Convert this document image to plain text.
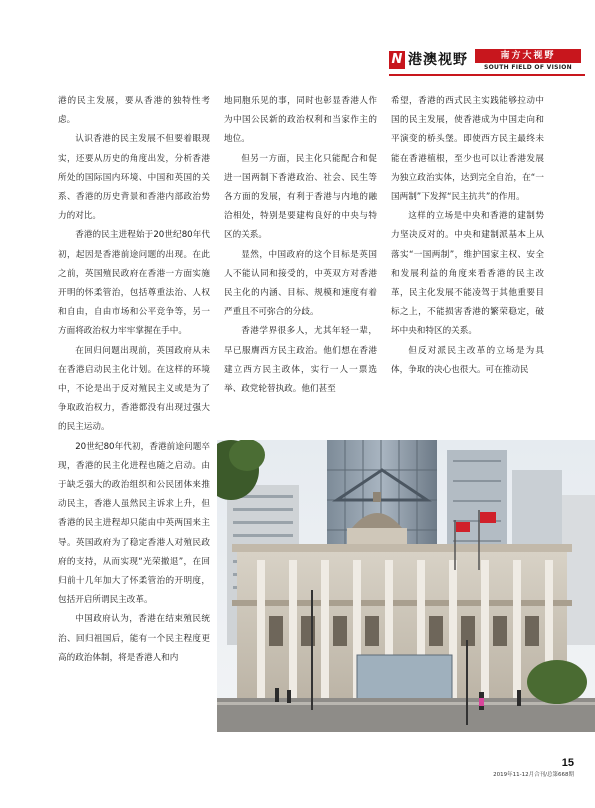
N 港澳视野	南方大视野
SOUTH FIELD OF VISION

港的民主发展，要从香港的独特性考虑。

认识香港的民主发展不但要着眼现实，还要从历史的角度出发，分析香港所处的国际国内环境、中国和英国的关系、香港的历史背景和香港内部政治势力的对比。

香港的民主进程始于20世纪80年代初，起因是香港前途问题的出现。在此之前，英国殖民政府在香港一方面实施开明的怀柔管治，包括尊重法治、人权和自由，自由市场和公平竞争等，另一方面将政治权力牢牢掌握在手中。

在回归问题出现前，英国政府从未在香港启动民主化计划。在这样的环境中，不论是出于反对殖民主义或是为了争取政治权力，香港都没有出现过强大的民主运动。

20世纪80年代初，香港前途问题卒现，香港的民主化进程也随之启动。由于缺乏强大的政治组织和公民团体来推动民主，香港人虽然民主诉求上升，但香港的民主进程却只能由中英两国来主导。英国政府为了稳定香港人对殖民政府的支持，从而实现“光荣撤退”，在回归前十几年加大了怀柔管治的开明度，包括开启所谓民主改革。

中国政府认为，香港在结束殖民统治、回归祖国后，能有一个民主程度更高的政治体制，将是香港人和内

地同胞乐见的事，同时也彰显香港人作为中国公民新的政治权利和当家作主的地位。

但另一方面，民主化只能配合和促进一国两制下香港政治、社会、民生等各方面的发展，有利于香港与内地的融洽相处，特别是要建构良好的中央与特区的关系。

显然，中国政府的这个目标是英国人不能认同和接受的，中英双方对香港民主化的内涵、目标、规模和速度有着严重且不可弥合的分歧。

香港学界很多人，尤其年轻一辈，早已服膺西方民主政治。他们想在香港建立西方民主政体，实行一人一票选举、政党轮替执政。他们甚至

希望，香港的西式民主实践能够拉动中国的民主发展，使香港成为中国走向和平演变的桥头堡。即使西方民主最终未能在香港植根，至少也可以让香港发展为独立政治实体，达到完全自治，在“一国两制”下发挥“民主抗共”的作用。

这样的立场是中央和香港的建制势力坚决反对的。中央和建制派基本上从落实“一国两制”，维护国家主权、安全和发展利益的角度来看香港的民主改革，民主化发展不能凌驾于其他重要目标之上，不能损害香港的繁荣稳定，破坏中央和特区的关系。

但反对派民主改革的立场是为具体，争取的决心也很大。可在推动民

15
2019年11-12月合刊/总第668期
